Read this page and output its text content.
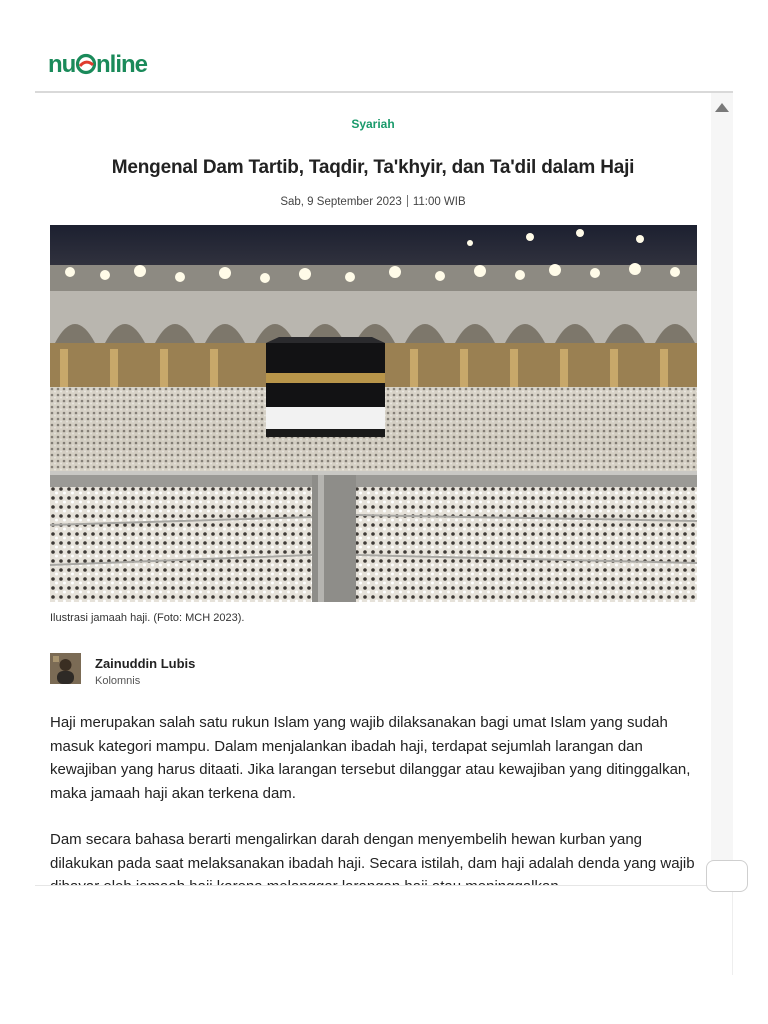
nu nline
Syariah
Mengenal Dam Tartib, Taqdir, Ta'khyir, dan Ta'dil dalam Haji
Sab, 9 September 2023 11:00 WIB
Ilustrasi jamaah haji. (Foto: MCH 2023).
Zainuddin Lubis
Kolomnis

Haji merupakan salah satu rukun Islam yang wajib dilaksanakan bagi umat Islam yang sudah masuk kategori mampu. Dalam menjalankan ibadah haji, terdapat sejumlah larangan dan kewajiban yang harus ditaati. Jika larangan tersebut dilanggar atau kewajiban yang ditinggalkan, maka jamaah haji akan terkena dam.

Dam secara bahasa berarti mengalirkan darah dengan menyembelih hewan kurban yang dilakukan pada saat melaksanakan ibadah haji. Secara istilah, dam haji adalah denda yang wajib
